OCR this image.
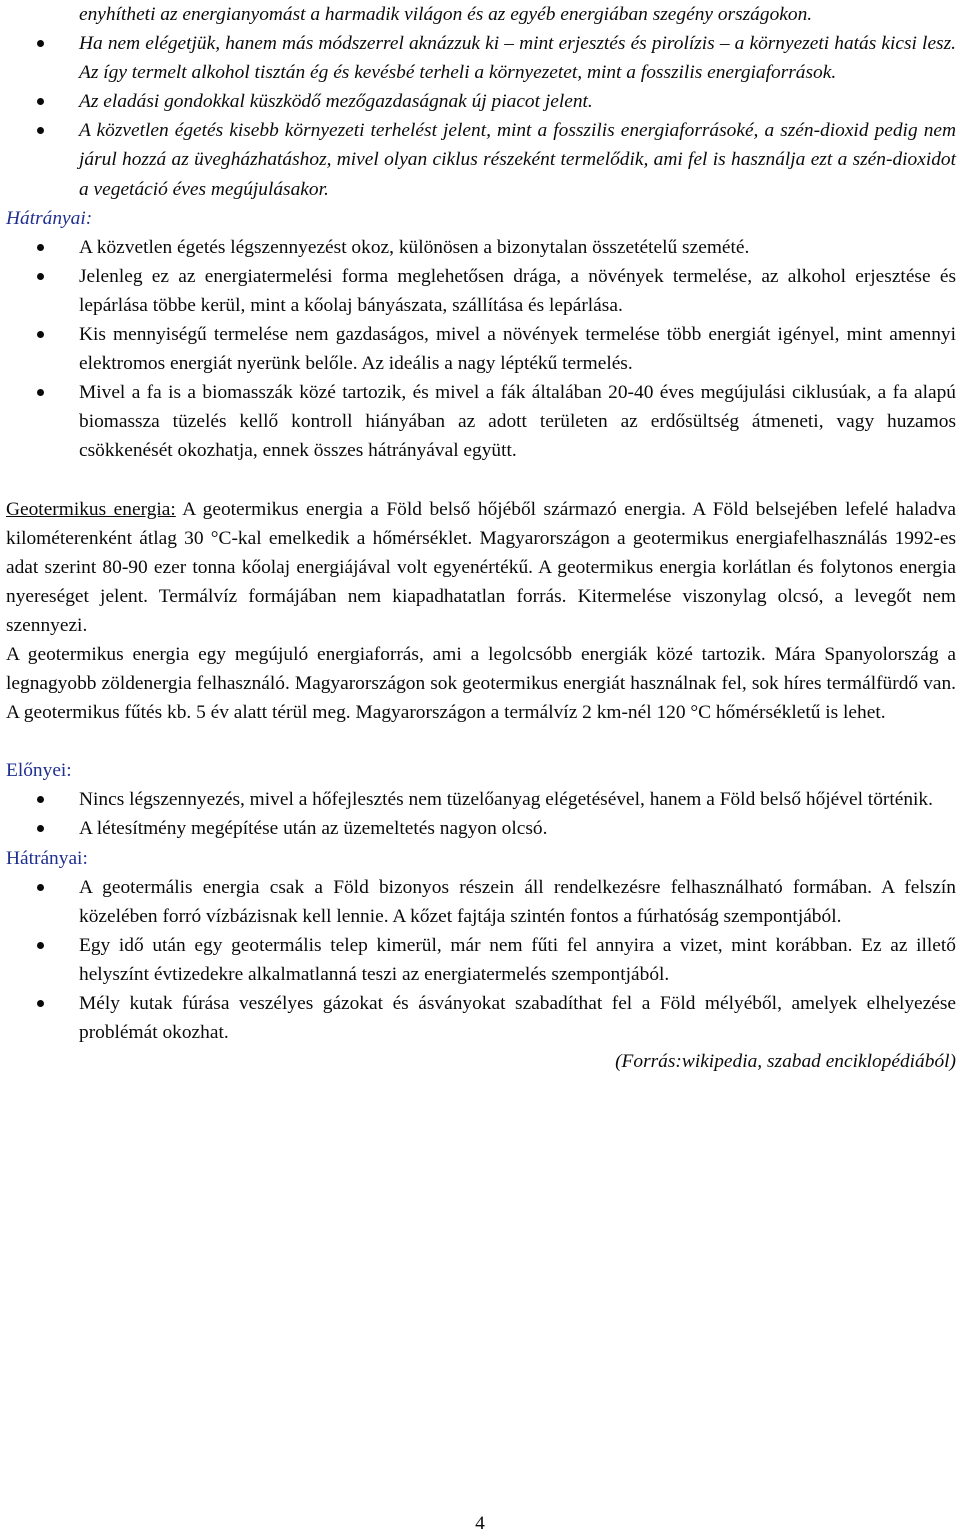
enyhítheti az energianyomást a harmadik világon és az egyéb energiában szegény országokon.
Ha nem elégetjük, hanem más módszerrel aknázzuk ki – mint erjesztés és pirolízis – a környezeti hatás kicsi lesz. Az így termelt alkohol tisztán ég és kevésbé terheli a környezetet, mint a fosszilis energiaforrások.
Az eladási gondokkal küszködő mezőgazdaságnak új piacot jelent.
A közvetlen égetés kisebb környezeti terhelést jelent, mint a fosszilis energiaforrásoké, a szén-dioxid pedig nem járul hozzá az üvegházhatáshoz, mivel olyan ciklus részeként termelődik, ami fel is használja ezt a szén-dioxidot a vegetáció éves megújulásakor.

Hátrányai:

A közvetlen égetés légszennyezést okoz, különösen a bizonytalan összetételű szemété.
Jelenleg ez az energiatermelési forma meglehetősen drága, a növények termelése, az alkohol erjesztése és lepárlása többe kerül, mint a kőolaj bányászata, szállítása és lepárlása.
Kis mennyiségű termelése nem gazdaságos, mivel a növények termelése több energiát igényel, mint amennyi elektromos energiát nyerünk belőle. Az ideális a nagy léptékű termelés.
Mivel a fa is a biomasszák közé tartozik, és mivel a fák általában 20-40 éves megújulási ciklusúak, a fa alapú biomassza tüzelés kellő kontroll hiányában az adott területen az erdősültség átmeneti, vagy huzamos csökkenését okozhatja, ennek összes hátrányával együtt.

Geotermikus energia: A geotermikus energia a Föld belső hőjéből származó energia. A Föld belsejében lefelé haladva kilométerenként átlag 30 °C-kal emelkedik a hőmérséklet. Magyarországon a geotermikus energiafelhasználás 1992-es adat szerint 80-90 ezer tonna kőolaj energiájával volt egyenértékű. A geotermikus energia korlátlan és folytonos energia nyereséget jelent. Termálvíz formájában nem kiapadhatatlan forrás. Kitermelése viszonylag olcsó, a levegőt nem szennyezi.

A geotermikus energia egy megújuló energiaforrás, ami a legolcsóbb energiák közé tartozik. Mára Spanyolország a legnagyobb zöldenergia felhasználó. Magyarországon sok geotermikus energiát használnak fel, sok híres termálfürdő van. A geotermikus fűtés kb. 5 év alatt térül meg. Magyarországon a termálvíz 2 km-nél 120 °C hőmérsékletű is lehet.

Előnyei:

Nincs légszennyezés, mivel a hőfejlesztés nem tüzelőanyag elégetésével, hanem a Föld belső hőjével történik.
A létesítmény megépítése után az üzemeltetés nagyon olcsó.

Hátrányai:

A geotermális energia csak a Föld bizonyos részein áll rendelkezésre felhasználható formában. A felszín közelében forró vízbázisnak kell lennie. A kőzet fajtája szintén fontos a fúrhatóság szempontjából.
Egy idő után egy geotermális telep kimerül, már nem fűti fel annyira a vizet, mint korábban. Ez az illető helyszínt évtizedekre alkalmatlanná teszi az energiatermelés szempontjából.
Mély kutak fúrása veszélyes gázokat és ásványokat szabadíthat fel a Föld mélyéből, amelyek elhelyezése problémát okozhat.

(Forrás:wikipedia, szabad enciklopédiából)

4
